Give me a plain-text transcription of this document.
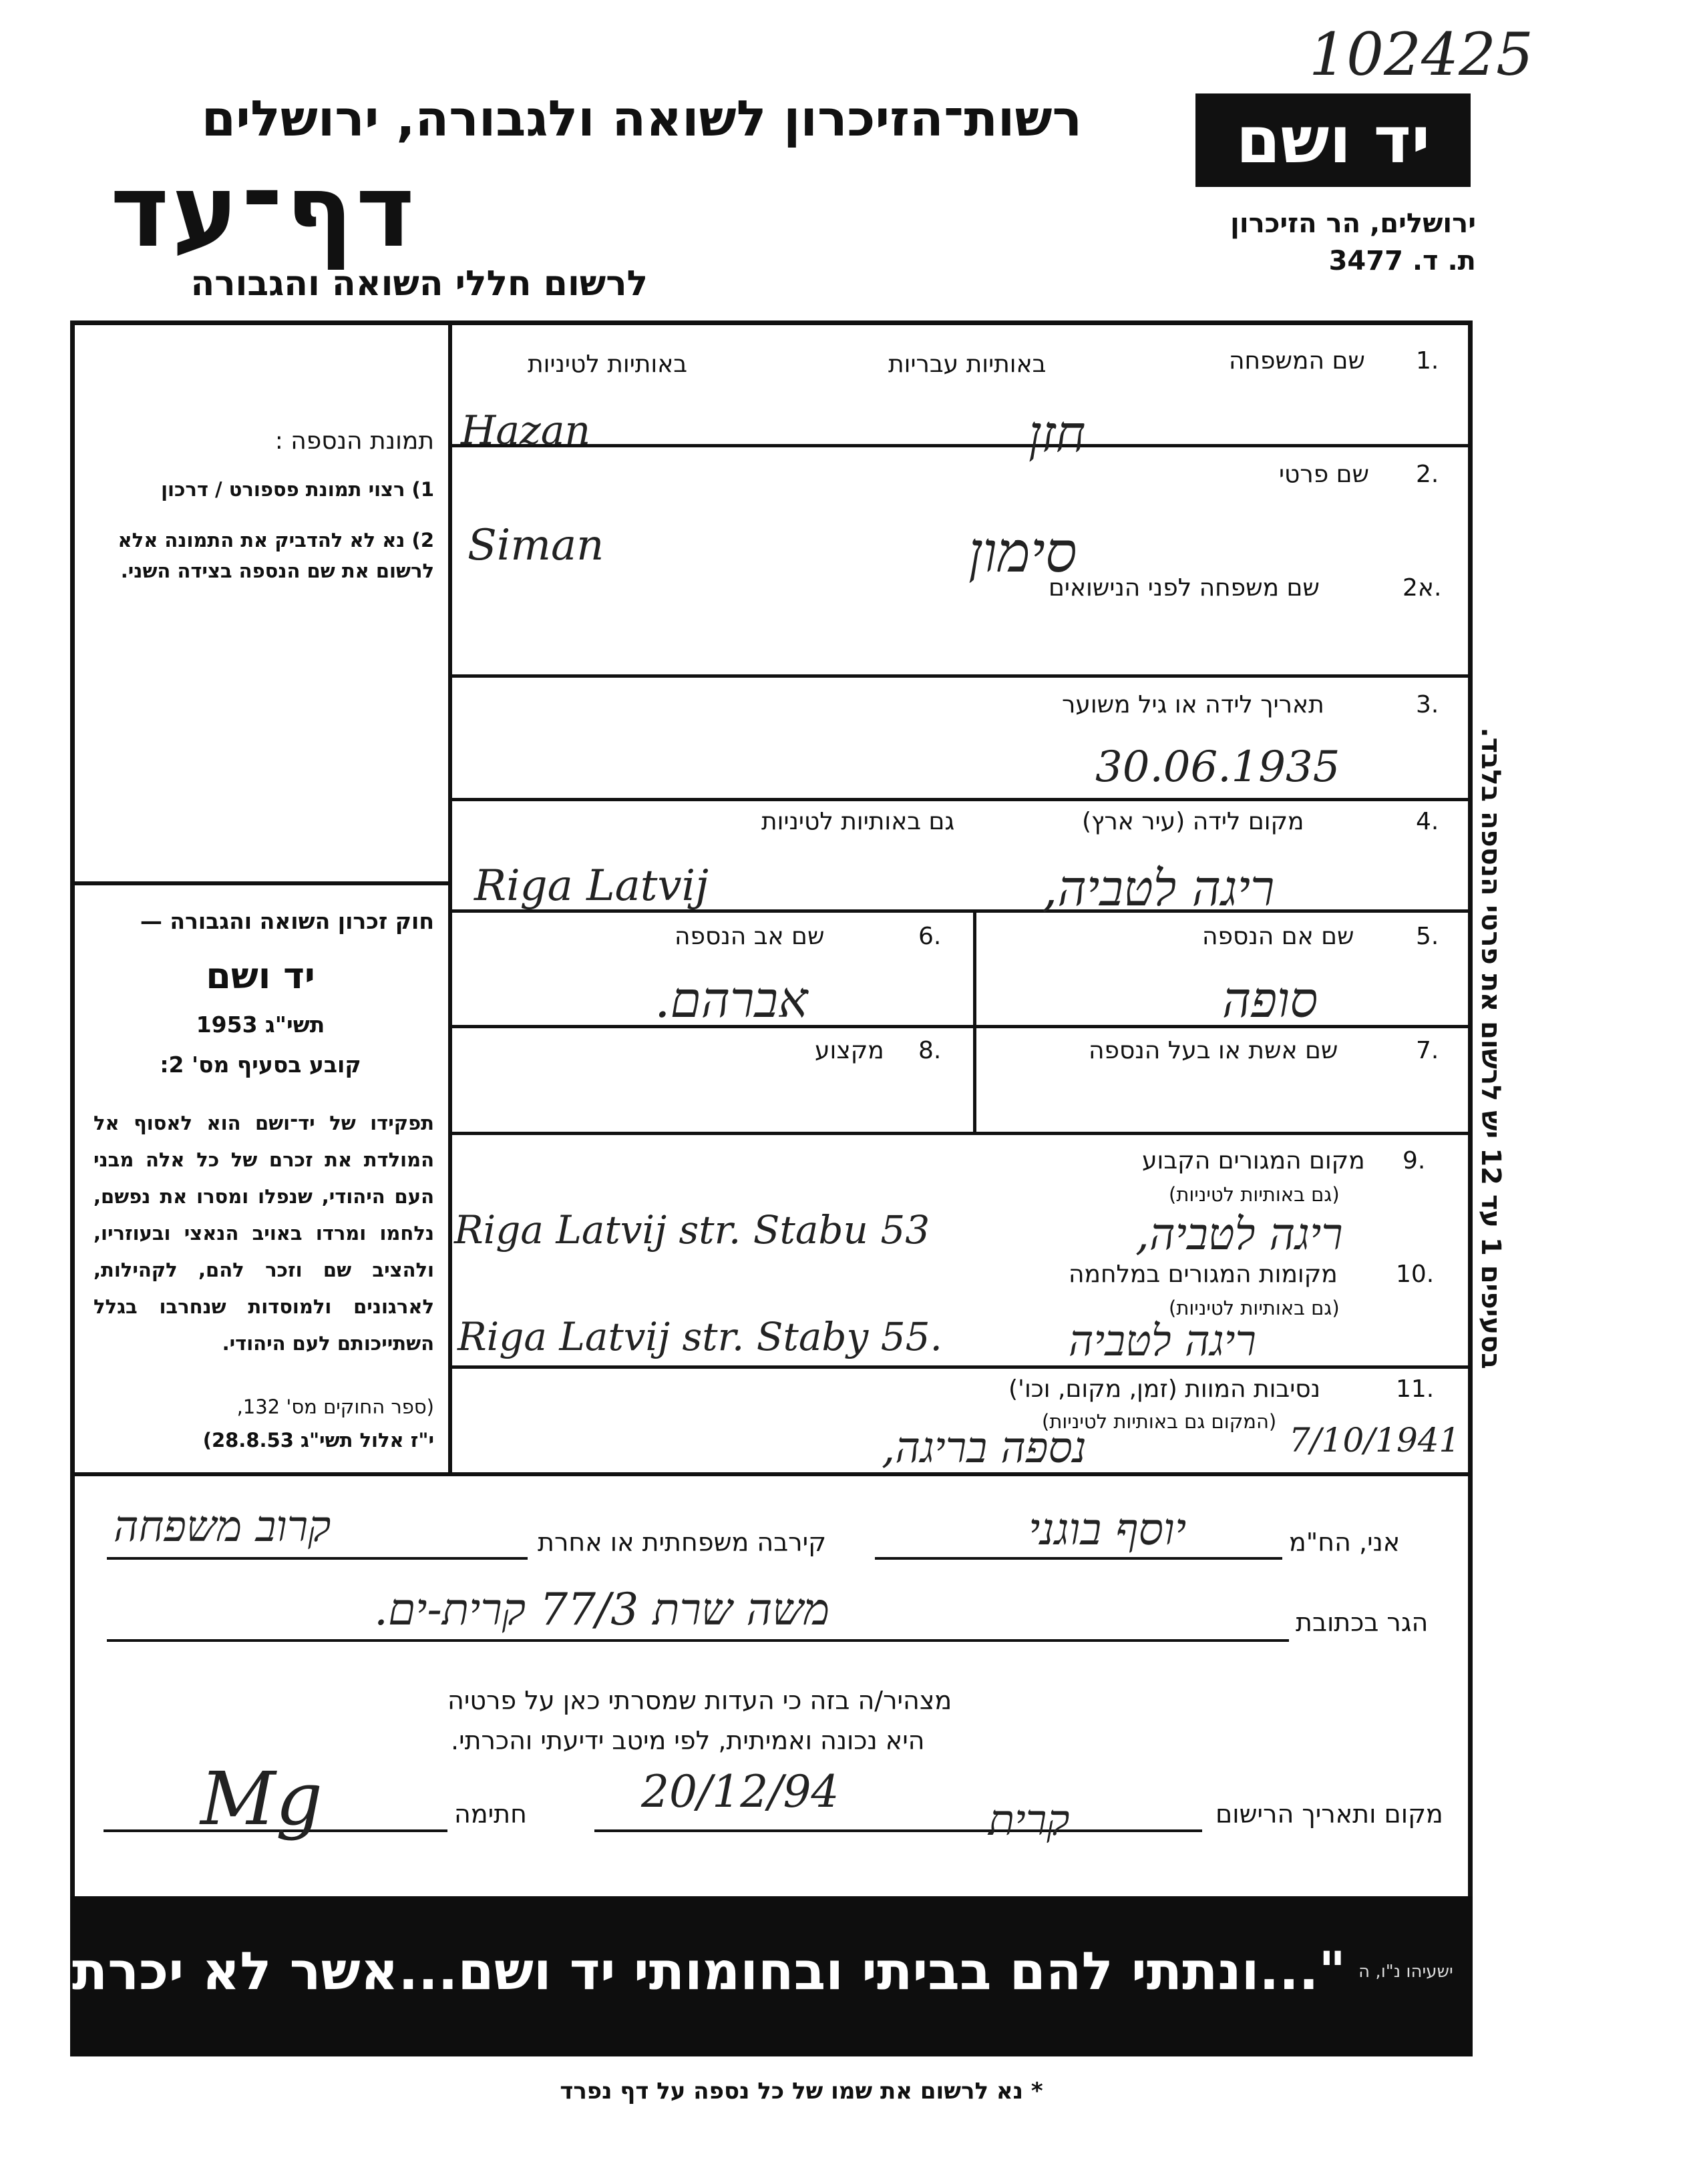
102425
רשות־הזיכרון לשואה ולגבורה, ירושלים
דף־עד
לרשום חללי השואה והגבורה
יד ושם
ירושלים, הר הזיכרון
ת. ד. 3477
תמונת הנספה :
1) רצוי תמונת פספורט / דרכון
2) נא לא להדביק את התמונה אלא לרשום את שם הנספה בצידה השני.
חוק זכרון השואה והגבורה —
יד ושם
תשי"ג 1953
קובע בסעיף מס' 2:
תפקידו של יד־ושם הוא לאסוף אל המולדת את זכרם של כל אלה מבני העם היהודי, שנפלו ומסרו את נפשם, נלחמו ומרדו באויב הנאצי ובעוזריו, ולהציב שם וזכר להם, לקהילות, לארגונים ולמוסדות שנחרבו בגלל השתייכותם לעם היהודי.
(ספר החוקים מס' 132,
י"ז אלול תשי"ג 28.8.53)
בסעיפים 1 עד 12 יש לרשום את פרטי הנספה בלבד.
1.
שם המשפחה
באותיות עבריות
באותיות לטיניות
Hazan	חזן
2.
שם פרטי
Siman	סימון
2א.
שם משפחה לפני הנישואים
3.
תאריך לידה או גיל משוער
30.06.1935
4.
מקום לידה (עיר ארץ)
גם באותיות לטיניות
Riga Latvij	ריגה לטביה,
5.
שם אם הנספה
סופה
6.
שם אב הנספה
אברהם.
7.
שם אשת או בעל הנספה
8.
מקצוע
9.
מקום המגורים הקבוע
(גם באותיות לטיניות)
Riga Latvij str. Stabu 53	ריגה לטביה,
10.
מקומות המגורים במלחמה
(גם באותיות לטיניות)
Riga Latvij str. Staby 55.	ריגה לטביה
11.
נסיבות המוות (זמן, מקום, וכו')
(המקום גם באותיות לטיניות)
נספה בריגה,	7/10/1941
אני, הח"מ
יוסף בוגני
קירבה משפחתית או אחרת
קרוב משפחה
הגר בכתובת
משה שרת 77/3 קרית-ים.
מצהיר/ה בזה כי העדות שמסרתי כאן על פרטיה
היא נכונה ואמיתית, לפי מיטב ידיעתי והכרתי.
מקום ותאריך הרישום
20/12/94
קרית
חתימה
Mg
"...ונתתי להם בביתי ובחומותי יד ושם...אשר לא יכרת" ישעיהו נ"ו, ה
* נא לרשום את שמו של כל נספה על דף נפרד
